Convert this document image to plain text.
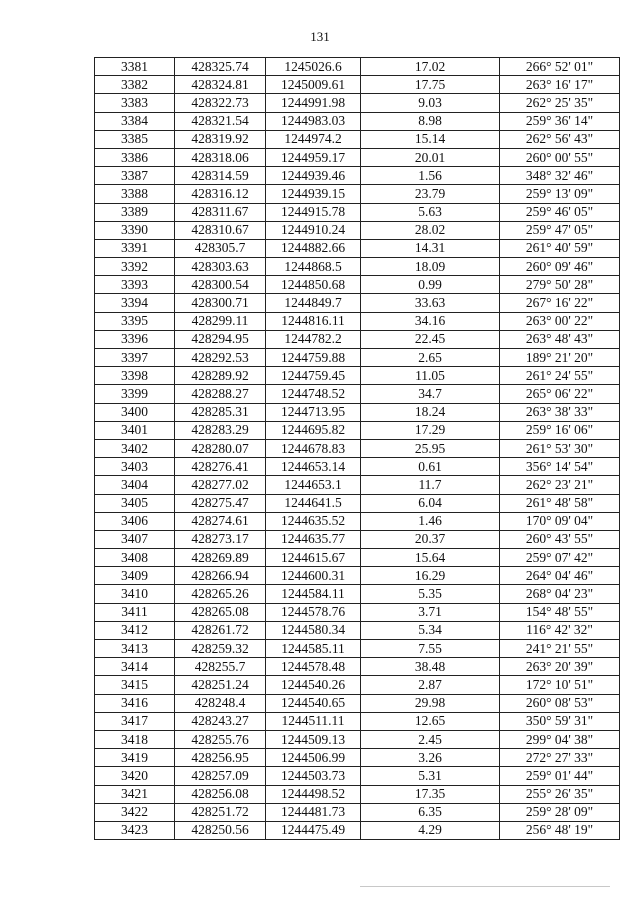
131
3381	428325.74	1245026.6	17.02	266° 52' 01"
3382	428324.81	1245009.61	17.75	263° 16' 17"
3383	428322.73	1244991.98	9.03	262° 25' 35"
3384	428321.54	1244983.03	8.98	259° 36' 14"
3385	428319.92	1244974.2	15.14	262° 56' 43"
3386	428318.06	1244959.17	20.01	260° 00' 55"
3387	428314.59	1244939.46	1.56	348° 32' 46"
3388	428316.12	1244939.15	23.79	259° 13' 09"
3389	428311.67	1244915.78	5.63	259° 46' 05"
3390	428310.67	1244910.24	28.02	259° 47' 05"
3391	428305.7	1244882.66	14.31	261° 40' 59"
3392	428303.63	1244868.5	18.09	260° 09' 46"
3393	428300.54	1244850.68	0.99	279° 50' 28"
3394	428300.71	1244849.7	33.63	267° 16' 22"
3395	428299.11	1244816.11	34.16	263° 00' 22"
3396	428294.95	1244782.2	22.45	263° 48' 43"
3397	428292.53	1244759.88	2.65	189° 21' 20"
3398	428289.92	1244759.45	11.05	261° 24' 55"
3399	428288.27	1244748.52	34.7	265° 06' 22"
3400	428285.31	1244713.95	18.24	263° 38' 33"
3401	428283.29	1244695.82	17.29	259° 16' 06"
3402	428280.07	1244678.83	25.95	261° 53' 30"
3403	428276.41	1244653.14	0.61	356° 14' 54"
3404	428277.02	1244653.1	11.7	262° 23' 21"
3405	428275.47	1244641.5	6.04	261° 48' 58"
3406	428274.61	1244635.52	1.46	170° 09' 04"
3407	428273.17	1244635.77	20.37	260° 43' 55"
3408	428269.89	1244615.67	15.64	259° 07' 42"
3409	428266.94	1244600.31	16.29	264° 04' 46"
3410	428265.26	1244584.11	5.35	268° 04' 23"
3411	428265.08	1244578.76	3.71	154° 48' 55"
3412	428261.72	1244580.34	5.34	116° 42' 32"
3413	428259.32	1244585.11	7.55	241° 21' 55"
3414	428255.7	1244578.48	38.48	263° 20' 39"
3415	428251.24	1244540.26	2.87	172° 10' 51"
3416	428248.4	1244540.65	29.98	260° 08' 53"
3417	428243.27	1244511.11	12.65	350° 59' 31"
3418	428255.76	1244509.13	2.45	299° 04' 38"
3419	428256.95	1244506.99	3.26	272° 27' 33"
3420	428257.09	1244503.73	5.31	259° 01' 44"
3421	428256.08	1244498.52	17.35	255° 26' 35"
3422	428251.72	1244481.73	6.35	259° 28' 09"
3423	428250.56	1244475.49	4.29	256° 48' 19"
